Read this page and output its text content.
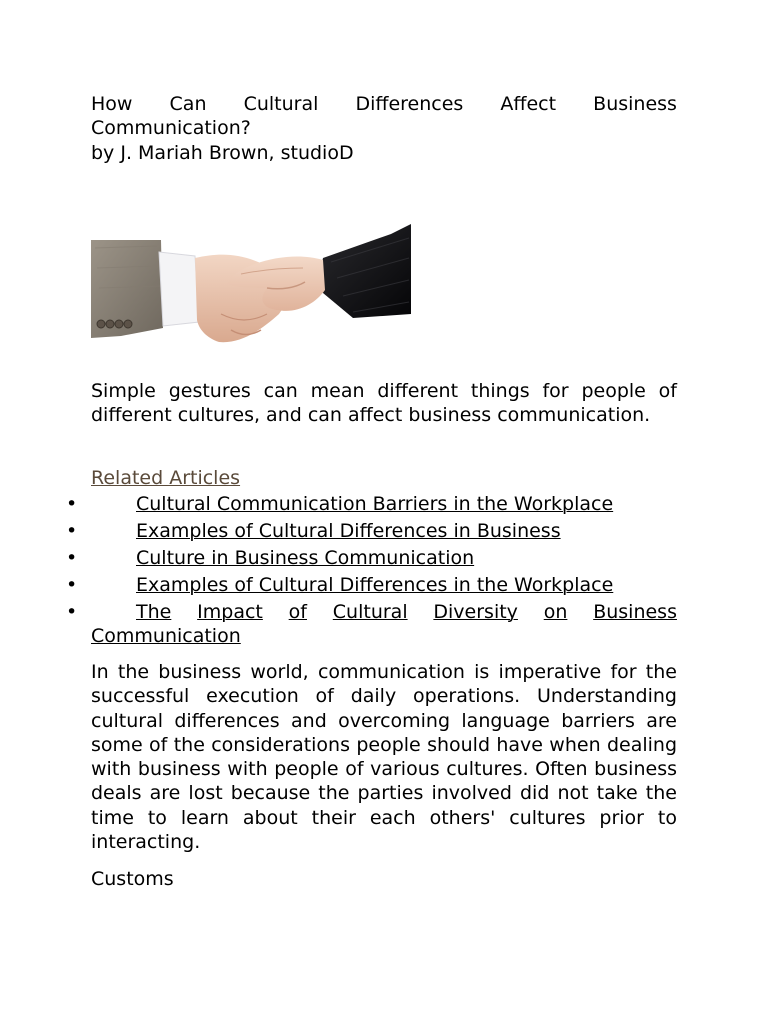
How Can Cultural Differences Affect Business
Communication?
by J. Mariah Brown, studioD
Simple gestures can mean different things for people of different cultures, and can affect business communication.
Related Articles
•	Cultural Communication Barriers in the Workplace
•	Examples of Cultural Differences in Business
•	Culture in Business Communication
•	Examples of Cultural Differences in the Workplace
•	The Impact of Cultural Diversity on Business
Communication
In the business world, communication is imperative for the successful execution of daily operations. Understanding cultural differences and overcoming language barriers are some of the considerations people should have when dealing with business with people of various cultures. Often business deals are lost because the parties involved did not take the time to learn about their each others' cultures prior to interacting.
Customs
